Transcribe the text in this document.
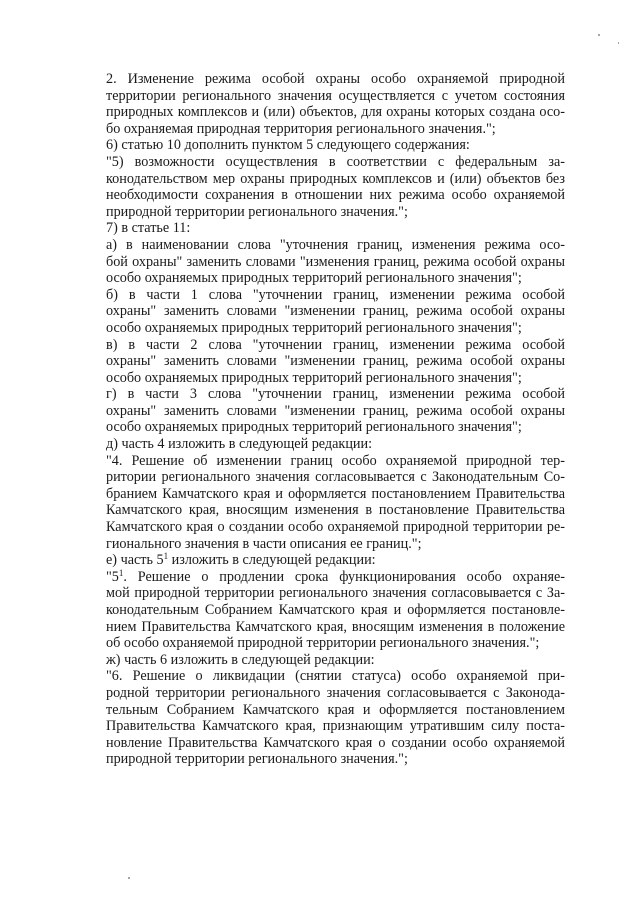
2. Изменение режима особой охраны особо охраняемой природной
территории регионального значения осуществляется с учетом состояния
природных комплексов и (или) объектов, для охраны которых создана осо-
бо охраняемая природная территория регионального значения.";

6) статью 10 дополнить пунктом 5 следующего содержания:

"5) возможности осуществления в соответствии с федеральным за-
конодательством мер охраны природных комплексов и (или) объектов без
необходимости сохранения в отношении них режима особо охраняемой
природной территории регионального значения.";

7) в статье 11:

а) в наименовании слова "уточнения границ, изменения режима осо-
бой охраны" заменить словами "изменения границ, режима особой охраны
особо охраняемых природных территорий регионального значения";

б) в части 1 слова "уточнении границ, изменении режима особой
охраны" заменить словами "изменении границ, режима особой охраны
особо охраняемых природных территорий регионального значения";

в) в части 2 слова "уточнении границ, изменении режима особой
охраны" заменить словами "изменении границ, режима особой охраны
особо охраняемых природных территорий регионального значения";

г) в части 3 слова "уточнении границ, изменении режима особой
охраны" заменить словами "изменении границ, режима особой охраны
особо охраняемых природных территорий регионального значения";

д) часть 4 изложить в следующей редакции:

"4. Решение об изменении границ особо охраняемой природной тер-
ритории регионального значения согласовывается с Законодательным Со-
бранием Камчатского края и оформляется постановлением Правительства
Камчатского края, вносящим изменения в постановление Правительства
Камчатского края о создании особо охраняемой природной территории ре-
гионального значения в части описания ее границ.";

е) часть $5^1$ изложить в следующей редакции:

"$5^1$. Решение о продлении срока функционирования особо охраняе-
мой природной территории регионального значения согласовывается с За-
конодательным Собранием Камчатского края и оформляется постановле-
нием Правительства Камчатского края, вносящим изменения в положение
об особо охраняемой природной территории регионального значения.";

ж) часть 6 изложить в следующей редакции:

"6. Решение о ликвидации (снятии статуса) особо охраняемой при-
родной территории регионального значения согласовывается с Законода-
тельным Собранием Камчатского края и оформляется постановлением
Правительства Камчатского края, признающим утратившим силу поста-
новление Правительства Камчатского края о создании особо охраняемой
природной территории регионального значения.";
